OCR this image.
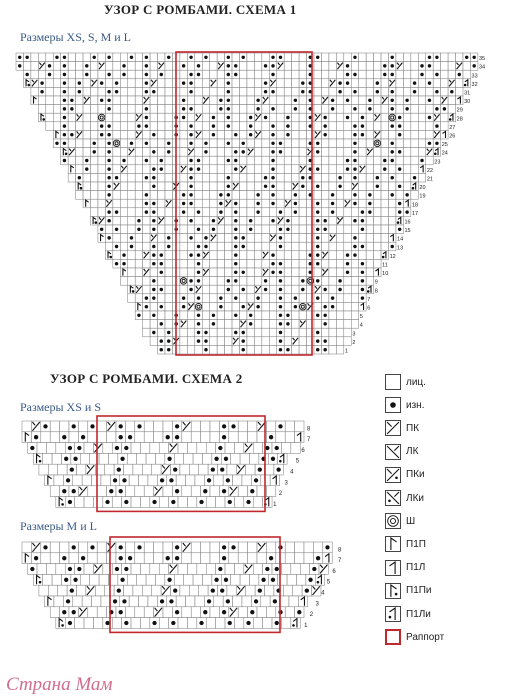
УЗОР С РОМБАМИ. СХЕМА 1
Размеры XS, S, M и L
УЗОР С РОМБАМИ. СХЕМА 2
Размеры XS и S
Размеры M и L
35
34
33
32
31
30
29
28
27
26
25
24
23
22
21
20
19
18
17
16
15
14
13
12
11
10
9
8
7
6
5
4
3
2
1
8
7
6
5
4
3
2
1
8
7
6
5
4
3
2
1
лиц.
изн.
ПК
ЛК
ПКи
ЛКи
Ш
П1П
П1Л
П1Пи
П1Ли
Раппорт
Страна Мам
